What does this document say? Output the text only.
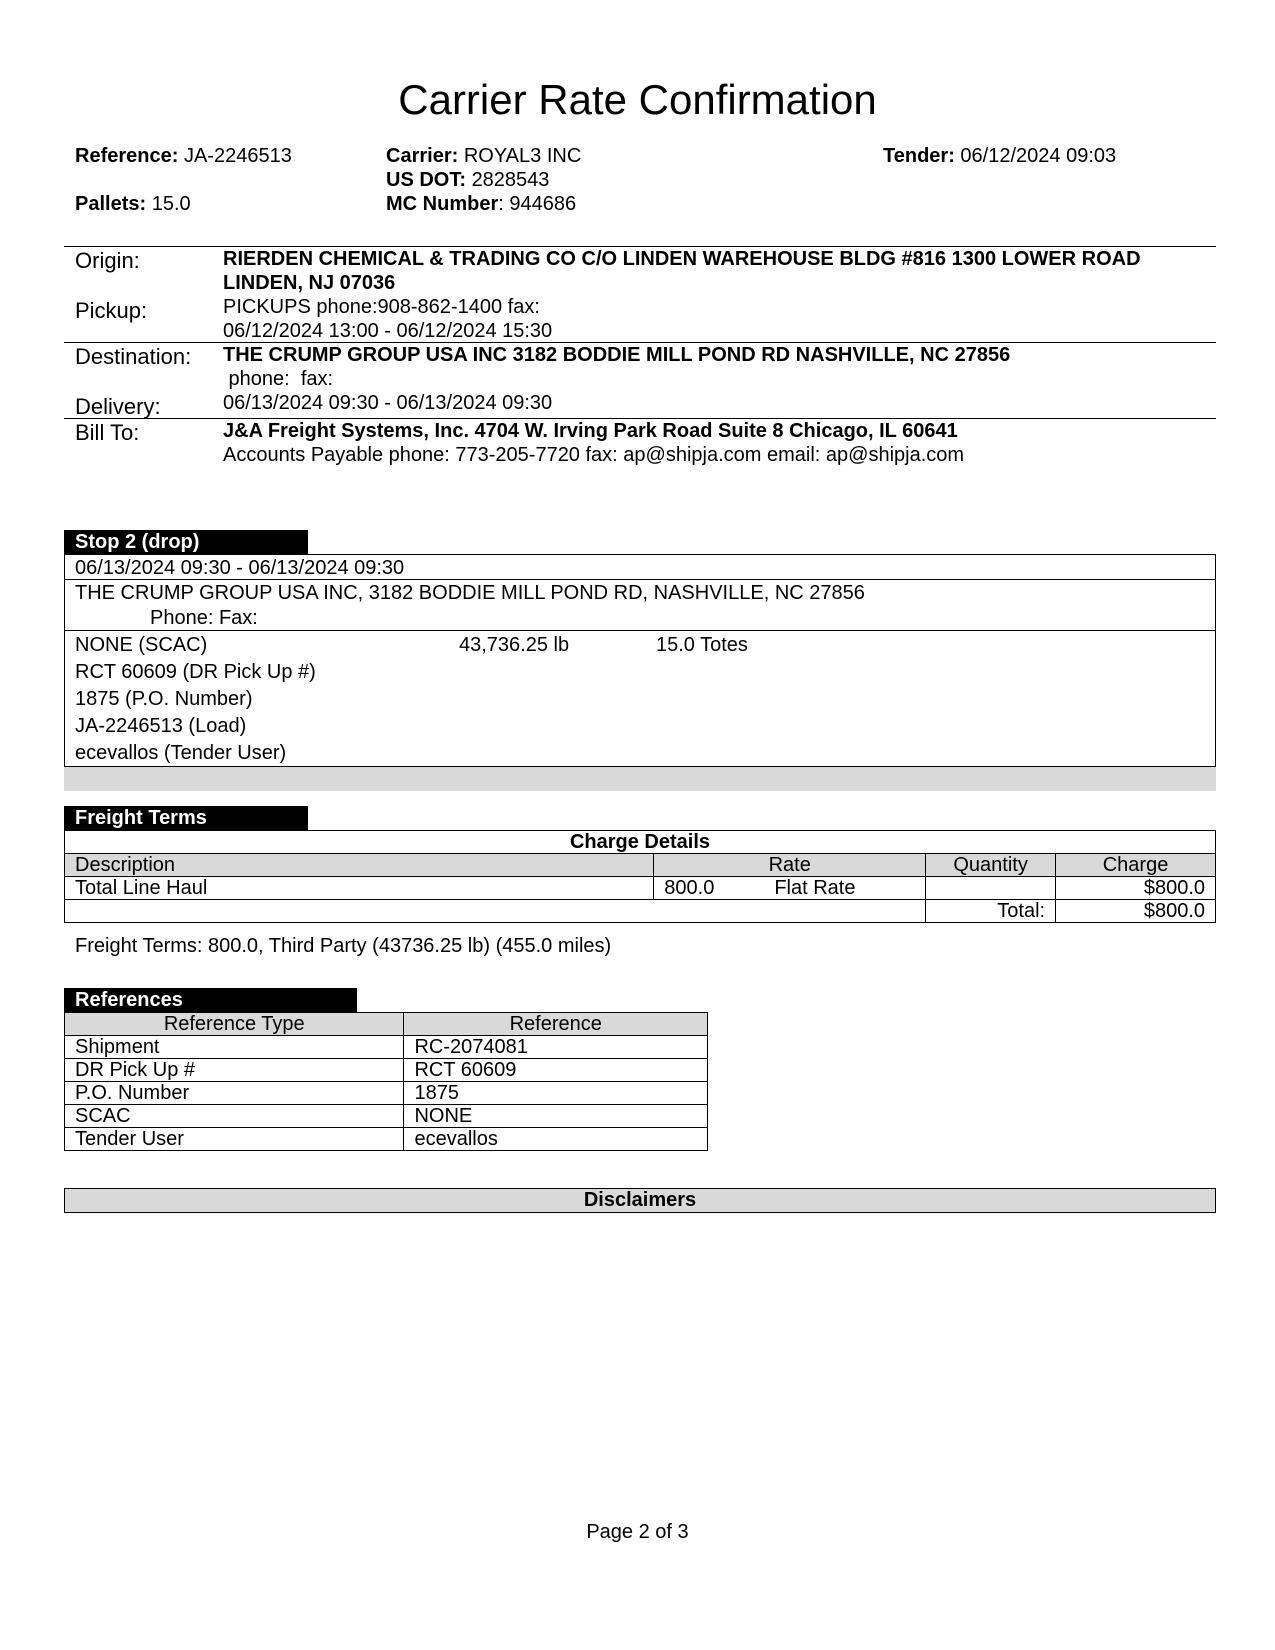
Carrier Rate Confirmation
Reference: JA-2246513
Pallets: 15.0
Carrier: ROYAL3 INC
US DOT: 2828543
MC Number: 944686
Tender: 06/12/2024 09:03
Origin:	RIERDEN CHEMICAL & TRADING CO C/O LINDEN WAREHOUSE BLDG #816 1300 LOWER ROAD
LINDEN, NJ 07036
Pickup:	PICKUPS phone:908-862-1400 fax:
06/12/2024 13:00 - 06/12/2024 15:30
Destination: THE CRUMP GROUP USA INC 3182 BODDIE MILL POND RD NASHVILLE, NC 27856
phone:  fax:
Delivery:	06/13/2024 09:30 - 06/13/2024 09:30
Bill To:	J&A Freight Systems, Inc. 4704 W. Irving Park Road Suite 8 Chicago, IL 60641
Accounts Payable phone: 773-205-7720 fax: ap@shipja.com email: ap@shipja.com
Stop 2 (drop)
06/13/2024 09:30 - 06/13/2024 09:30
THE CRUMP GROUP USA INC, 3182 BODDIE MILL POND RD, NASHVILLE, NC 27856
Phone: Fax:
NONE (SCAC)	43,736.25 lb	15.0 Totes
RCT 60609 (DR Pick Up #)
1875 (P.O. Number)
JA-2246513 (Load)
ecevallos (Tender User)
Freight Terms
Charge Details			
Description	Rate	Quantity	Charge
Total Line Haul	800.0 Flat Rate		$800.0
		Total:	$800.0
Freight Terms: 800.0, Third Party (43736.25 lb) (455.0 miles)
References
Reference Type	Reference
Shipment	RC-2074081
DR Pick Up #	RCT 60609
P.O. Number	1875
SCAC	NONE
Tender User	ecevallos
Disclaimers
Page 2 of 3
